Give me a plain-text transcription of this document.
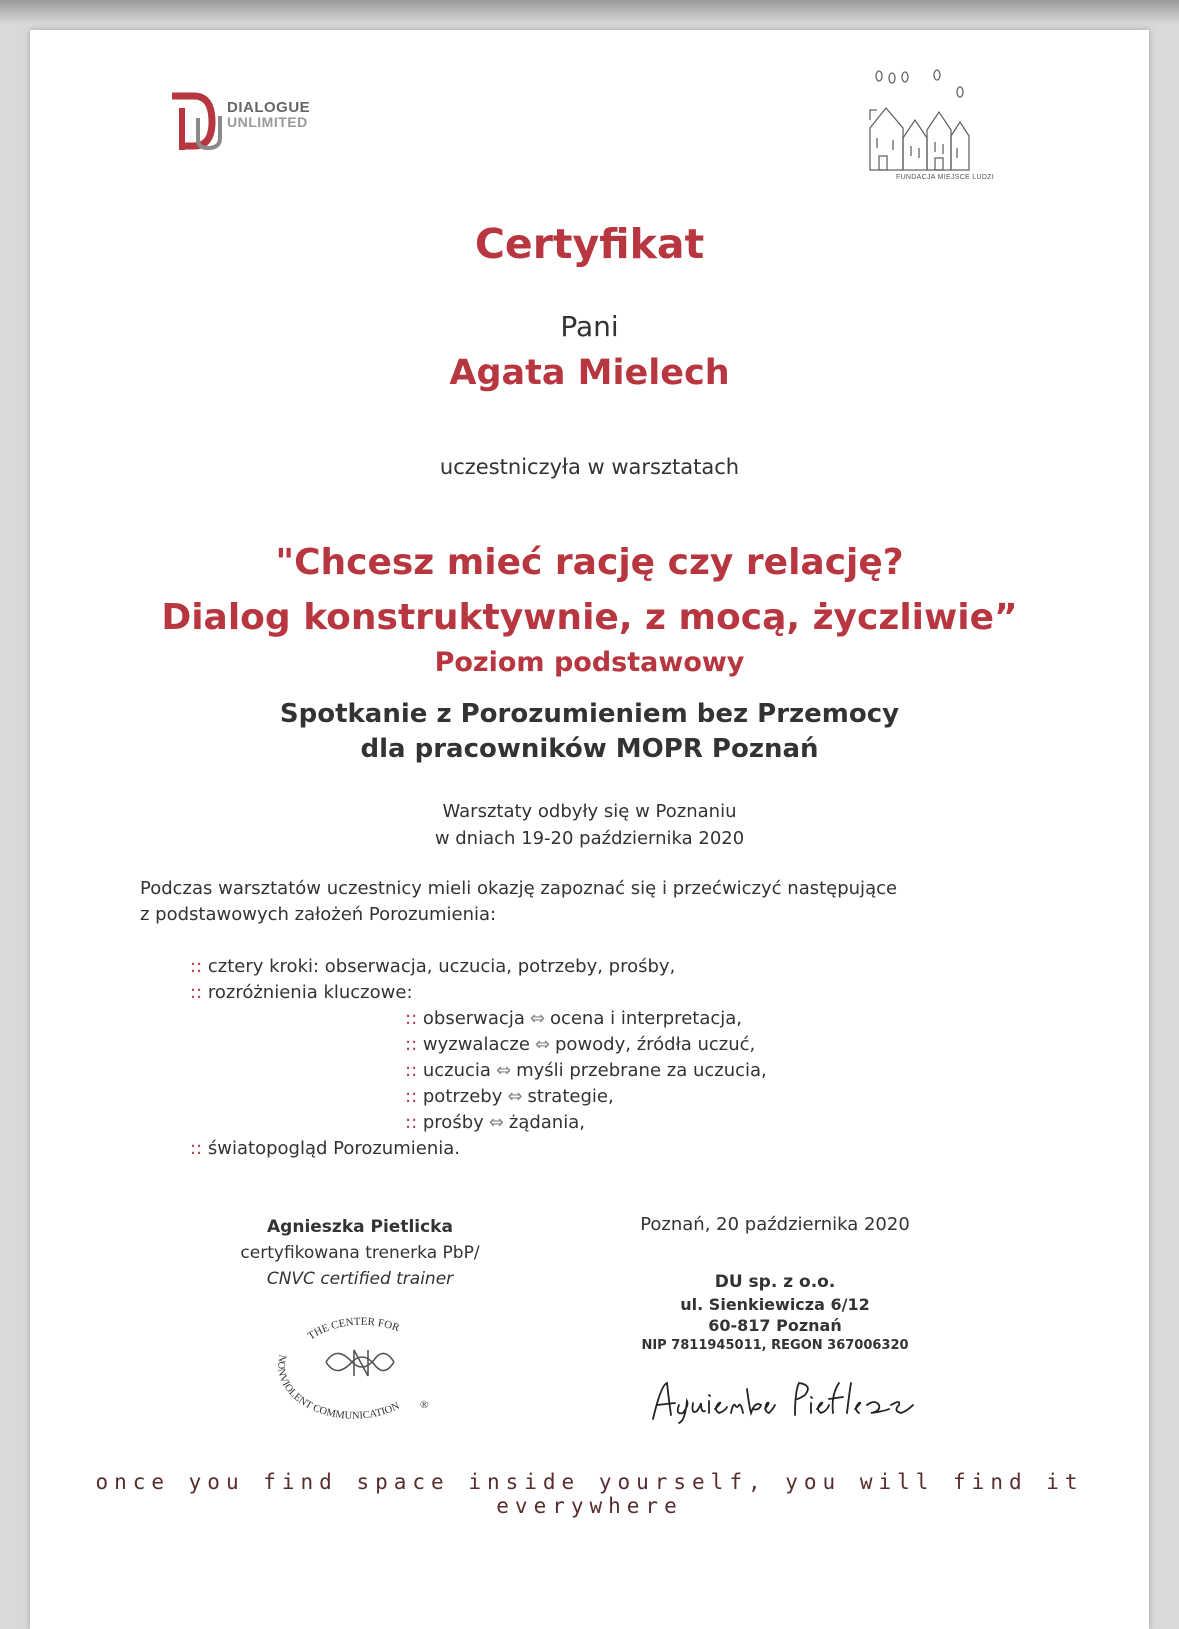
DIALOGUE
UNLIMITED
FUNDACJA MIEJSCE LUDZI
Certyfikat
Pani
Agata Mielech
uczestniczyła w warsztatach
"Chcesz mieć rację czy relację?
Dialog konstruktywnie, z mocą, życzliwie”
Poziom podstawowy
Spotkanie z Porozumieniem bez Przemocy
dla pracowników MOPR Poznań
Warsztaty odbyły się w Poznaniu
w dniach 19-20 października 2020
Podczas warsztatów uczestnicy mieli okazję zapoznać się i przećwiczyć następujące
z podstawowych założeń Porozumienia:
:: cztery kroki: obserwacja, uczucia, potrzeby, prośby,
:: rozróżnienia kluczowe:
:: obserwacja ⇔ ocena i interpretacja,
:: wyzwalacze ⇔ powody, źródła uczuć,
:: uczucia ⇔ myśli przebrane za uczucia,
:: potrzeby ⇔ strategie,
:: prośby ⇔ żądania,
:: światopogląd Porozumienia.
Agnieszka Pietlicka
certyfikowana trenerka PbP/
CNVC certified trainer
THE CENTER FOR
NONVIOLENT COMMUNICATION ®
Poznań, 20 października 2020
DU sp. z o.o.
ul. Sienkiewicza 6/12
60-817 Poznań
NIP 7811945011, REGON 367006320
once you find space inside yourself, you will find it everywhere
